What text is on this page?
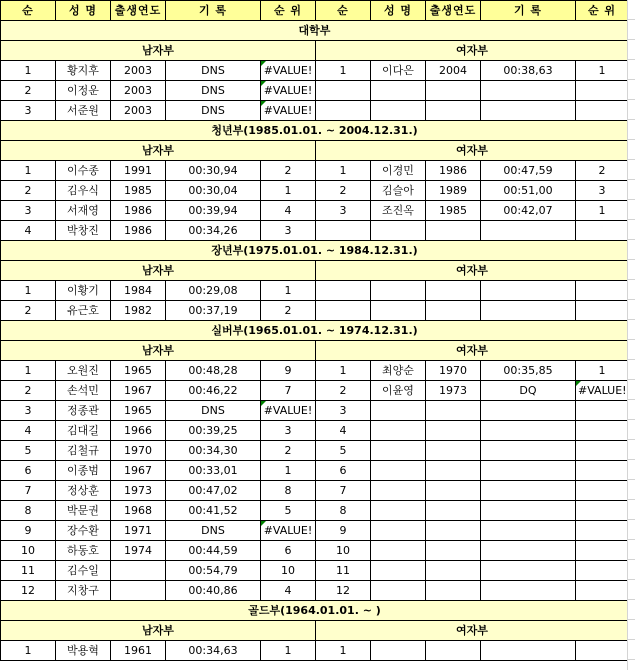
순	성 명	출생연도	기 록	순 위	순	성 명	출생연도	기 록	순 위
대학부									
남자부					여자부				
1	황지후	2003	DNS	#VALUE!	1	이다은	2004	00:38,63	1
2	이정운	2003	DNS	#VALUE!					
3	서준원	2003	DNS	#VALUE!					
청년부(1985.01.01. ~ 2004.12.31.)									
남자부					여자부				
1	이수종	1991	00:30,94	2	1	이경민	1986	00:47,59	2
2	김우식	1985	00:30,04	1	2	김슬아	1989	00:51,00	3
3	서재영	1986	00:39,94	4	3	조진옥	1985	00:42,07	1
4	박창진	1986	00:34,26	3					
장년부(1975.01.01. ~ 1984.12.31.)									
남자부					여자부				
1	이황기	1984	00:29,08	1					
2	유근호	1982	00:37,19	2					
실버부(1965.01.01. ~ 1974.12.31.)									
남자부					여자부				
1	오원진	1965	00:48,28	9	1	최양순	1970	00:35,85	1
2	손석민	1967	00:46,22	7	2	이윤영	1973	DQ	#VALUE!
3	정종관	1965	DNS	#VALUE!	3				
4	김대길	1966	00:39,25	3	4				
5	김철규	1970	00:34,30	2	5				
6	이종범	1967	00:33,01	1	6				
7	정상훈	1973	00:47,02	8	7				
8	박문권	1968	00:41,52	5	8				
9	장수환	1971	DNS	#VALUE!	9				
10	하동호	1974	00:44,59	6	10				
11	김수일		00:54,79	10	11				
12	지창구		00:40,86	4	12				
골드부(1964.01.01. ~ )									
남자부					여자부				
1	박용혁	1961	00:34,63	1	1				
